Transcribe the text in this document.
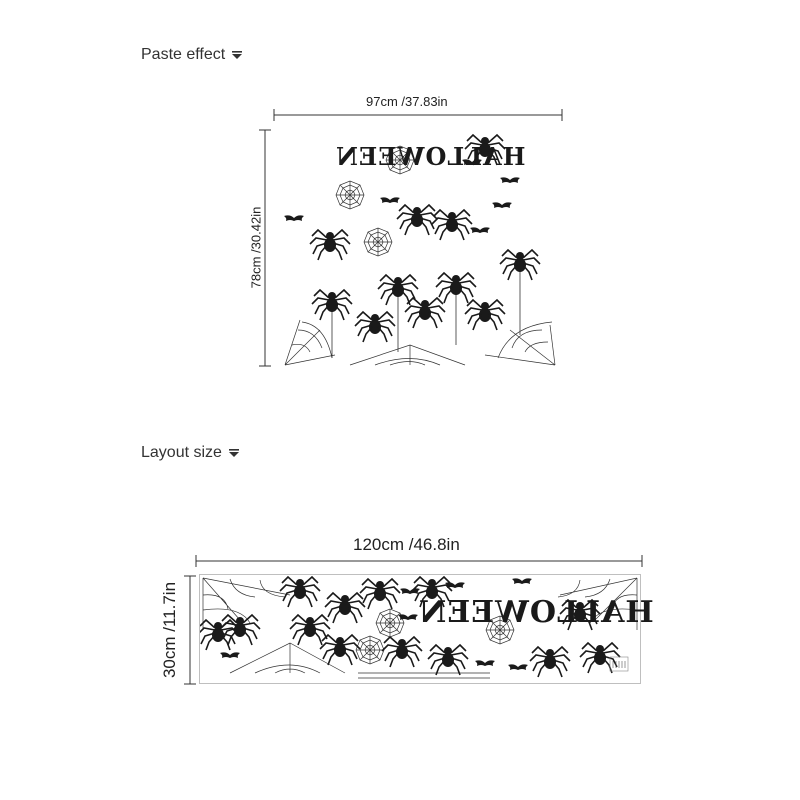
Paste effect
97cm /37.83in
78cm /30.42in
HALLOWEEN
Layout size
120cm /46.8in
30cm /11.7in	HALLOWEEN
